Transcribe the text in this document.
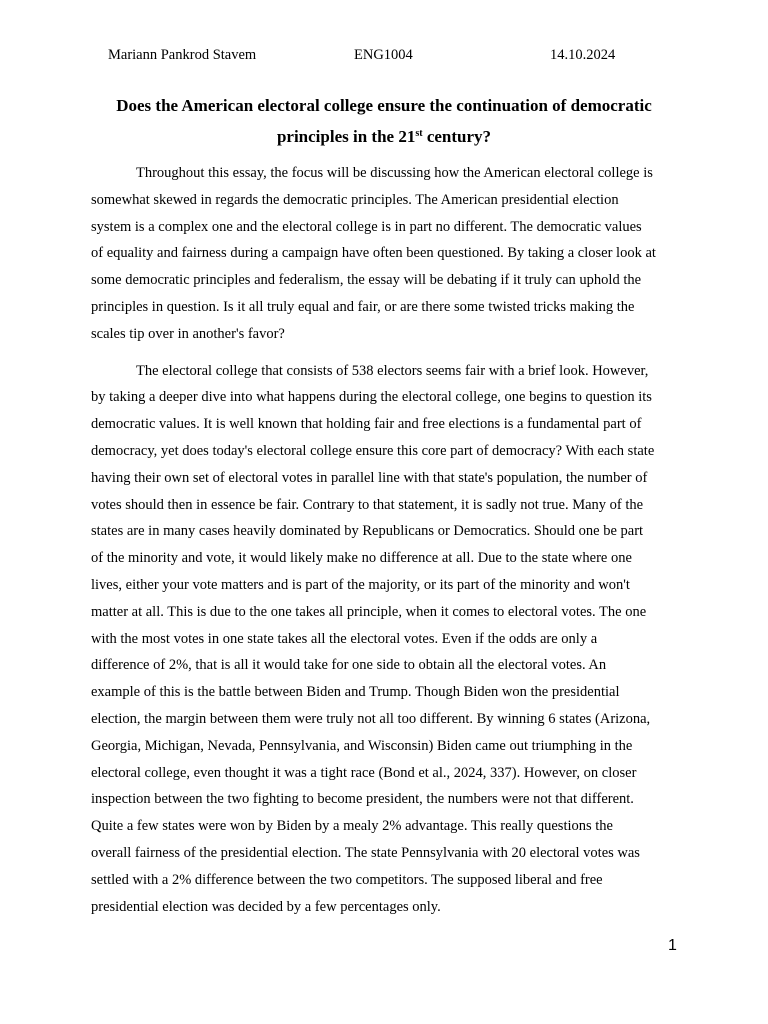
Mariann Pankrod Stavem	ENG1004	14.10.2024
Does the American electoral college ensure the continuation of democratic
principles in the 21st century?

Throughout this essay, the focus will be discussing how the American electoral college is
somewhat skewed in regards the democratic principles. The American presidential election
system is a complex one and the electoral college is in part no different. The democratic values
of equality and fairness during a campaign have often been questioned. By taking a closer look at
some democratic principles and federalism, the essay will be debating if it truly can uphold the
principles in question. Is it all truly equal and fair, or are there some twisted tricks making the
scales tip over in another's favor?

The electoral college that consists of 538 electors seems fair with a brief look. However,
by taking a deeper dive into what happens during the electoral college, one begins to question its
democratic values. It is well known that holding fair and free elections is a fundamental part of
democracy, yet does today's electoral college ensure this core part of democracy? With each state
having their own set of electoral votes in parallel line with that state's population, the number of
votes should then in essence be fair. Contrary to that statement, it is sadly not true. Many of the
states are in many cases heavily dominated by Republicans or Democratics. Should one be part
of the minority and vote, it would likely make no difference at all. Due to the state where one
lives, either your vote matters and is part of the majority, or its part of the minority and won't
matter at all. This is due to the one takes all principle, when it comes to electoral votes. The one
with the most votes in one state takes all the electoral votes. Even if the odds are only a
difference of 2%, that is all it would take for one side to obtain all the electoral votes. An
example of this is the battle between Biden and Trump. Though Biden won the presidential
election, the margin between them were truly not all too different. By winning 6 states (Arizona,
Georgia, Michigan, Nevada, Pennsylvania, and Wisconsin) Biden came out triumphing in the
electoral college, even thought it was a tight race (Bond et al., 2024, 337). However, on closer
inspection between the two fighting to become president, the numbers were not that different.
Quite a few states were won by Biden by a mealy 2% advantage. This really questions the
overall fairness of the presidential election. The state Pennsylvania with 20 electoral votes was
settled with a 2% difference between the two competitors. The supposed liberal and free
presidential election was decided by a few percentages only.

1
